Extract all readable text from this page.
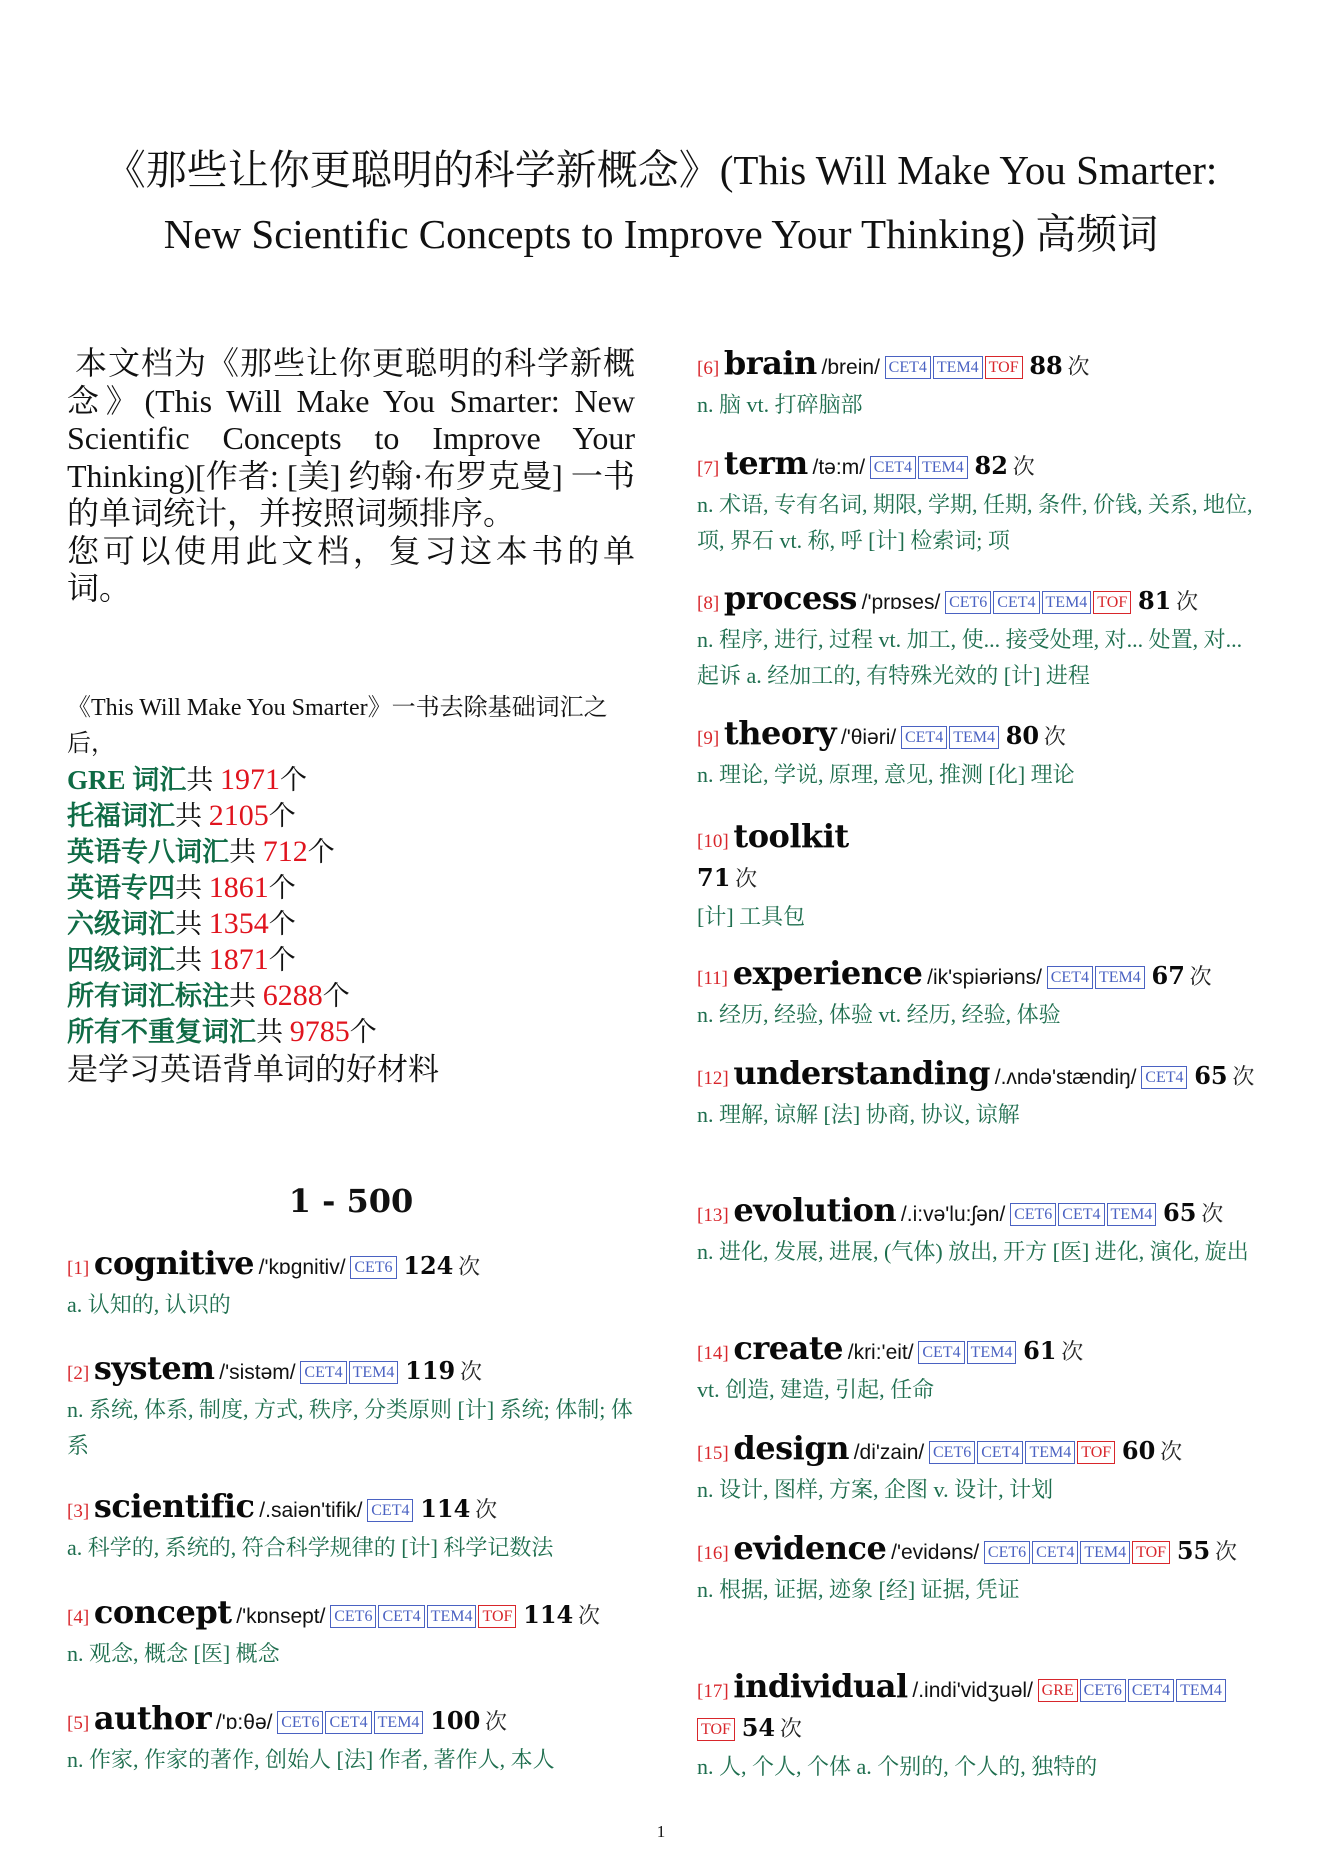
《那些让你更聪明的科学新概念》(This Will Make You Smarter:
New Scientific Concepts to Improve Your Thinking) 高频词

本文档为《那些让你更聪明的科学新概念》(This Will Make You Smarter: New Scientific Concepts to Improve Your Thinking)[作者: [美] 约翰·布罗克曼] 一书的单词统计，并按照词频排序。

您可以使用此文档，复习这本书的单词。

《This Will Make You Smarter》一书去除基础词汇之后，
GRE 词汇共 1971个
托福词汇共 2105个
英语专八词汇共 712个
英语专四共 1861个
六级词汇共 1354个
四级词汇共 1871个
所有词汇标注共 6288个
所有不重复词汇共 9785个
是学习英语背单词的好材料
1 - 500
[1] cognitive /'kɒgnitiv/ CET6 124 次
a. 认知的, 认识的
[2] system /'sistəm/ CET4 TEM4 119 次
n. 系统, 体系, 制度, 方式, 秩序, 分类原则 [计] 系统; 体制; 体系
[3] scientific /.saiən'tifik/ CET4 114 次
a. 科学的, 系统的, 符合科学规律的 [计] 科学记数法
[4] concept /'kɒnsept/ CET6 CET4 TEM4 TOF 114 次
n. 观念, 概念 [医] 概念
[5] author /'ɒ:θə/ CET6 CET4 TEM4 100 次
n. 作家, 作家的著作, 创始人 [法] 作者, 著作人, 本人
[6] brain /brein/ CET4 TEM4 TOF 88 次
n. 脑 vt. 打碎脑部
[7] term /tə:m/ CET4 TEM4 82 次
n. 术语, 专有名词, 期限, 学期, 任期, 条件, 价钱, 关系, 地位, 项, 界石 vt. 称, 呼 [计] 检索词; 项
[8] process /'prɒses/ CET6 CET4 TEM4 TOF 81 次
n. 程序, 进行, 过程 vt. 加工, 使... 接受处理, 对... 处置, 对... 起诉 a. 经加工的, 有特殊光效的 [计] 进程
[9] theory /'θiəri/ CET4 TEM4 80 次
n. 理论, 学说, 原理, 意见, 推测 [化] 理论
[10] toolkit
71 次
[计] 工具包
[11] experience /ik'spiəriəns/ CET4 TEM4 67 次
n. 经历, 经验, 体验 vt. 经历, 经验, 体验
[12] understanding /.ʌndə'stændiŋ/ CET4 65 次
n. 理解, 谅解 [法] 协商, 协议, 谅解
[13] evolution /.i:və'lu:ʃən/ CET6 CET4 TEM4 65 次
n. 进化, 发展, 进展, (气体) 放出, 开方 [医] 进化, 演化, 旋出
[14] create /kri:'eit/ CET4 TEM4 61 次
vt. 创造, 建造, 引起, 任命
[15] design /di'zain/ CET6 CET4 TEM4 TOF 60 次
n. 设计, 图样, 方案, 企图 v. 设计, 计划
[16] evidence /'evidəns/ CET6 CET4 TEM4 TOF 55 次
n. 根据, 证据, 迹象 [经] 证据, 凭证
[17] individual /.indi'vidʒuəl/ GRE CET6 CET4 TEM4TOF 54 次
n. 人, 个人, 个体 a. 个别的, 个人的, 独特的
1
